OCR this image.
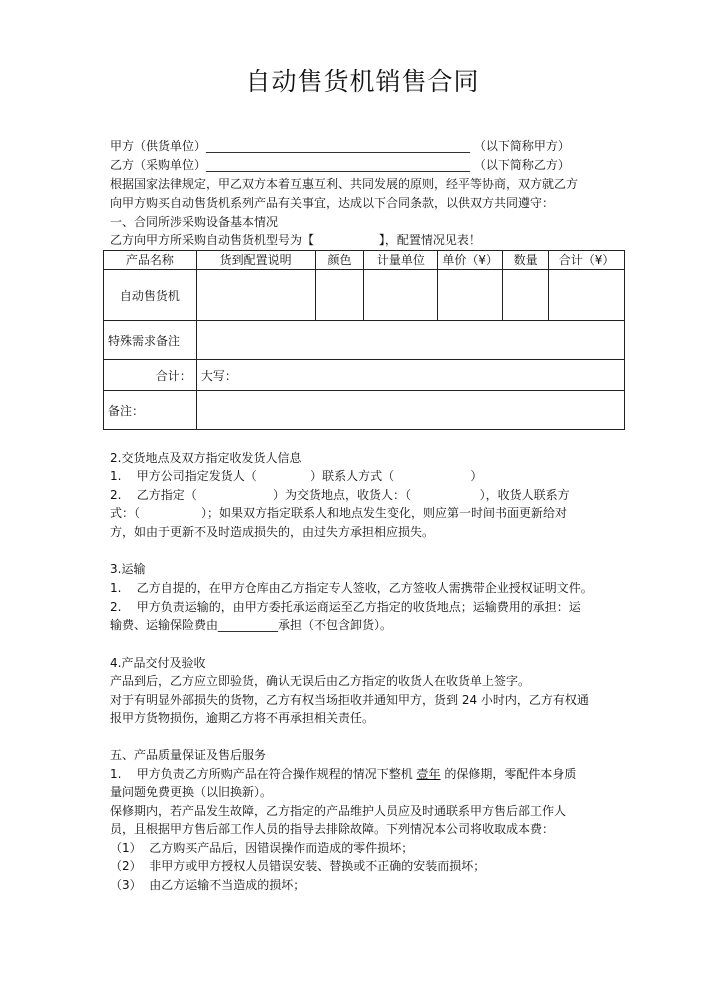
自动售货机销售合同
甲方（供货单位）____________________________________________ （以下简称甲方）
乙方（采购单位）____________________________________________ （以下简称乙方）
根据国家法律规定，甲乙双方本着互惠互利、共同发展的原则，经平等协商，双方就乙方
向甲方购买自动售货机系列产品有关事宜，达成以下合同条款，以供双方共同遵守：
一、合同所涉采购设备基本情况
乙方向甲方所采购自动售货机型号为【                 】，配置情况见表！
产品名称	货到配置说明	颜色	计量单位	单价（¥）	数量	合计（¥）
自动售货机						
特殊需求备注						
合计：	大写：					
备注：						
2.交货地点及双方指定收发货人信息
1.    甲方公司指定发货人（              ）联系人方式（                    ）
2.    乙方指定（                    ）为交货地点，收货人：（                  ），收货人联系方
式：（                ）；如果双方指定联系人和地点发生变化，则应第一时间书面更新给对
方，如由于更新不及时造成损失的，由过失方承担相应损失。
3.运输
1.    乙方自提的，在甲方仓库由乙方指定专人签收，乙方签收人需携带企业授权证明文件。
2.    甲方负责运输的，由甲方委托承运商运至乙方指定的收货地点；运输费用的承担：运
输费、运输保险费由__________承担（不包含卸货）。
4.产品交付及验收
产品到后，乙方应立即验货，确认无误后由乙方指定的收货人在收货单上签字。
对于有明显外部损失的货物，乙方有权当场拒收并通知甲方，货到 24 小时内，乙方有权通
报甲方货物损伤，逾期乙方将不再承担相关责任。
五、产品质量保证及售后服务
1.    甲方负责乙方所购产品在符合操作规程的情况下整机 壹年 的保修期，零配件本身质
量问题免费更换（以旧换新）。
保修期内，若产品发生故障，乙方指定的产品维护人员应及时通联系甲方售后部工作人
员，且根据甲方售后部工作人员的指导去排除故障。下列情况本公司将收取成本费：
（1）  乙方购买产品后，因错误操作而造成的零件损坏；
（2）  非甲方或甲方授权人员错误安装、替换或不正确的安装而损坏；
（3）  由乙方运输不当造成的损坏；
